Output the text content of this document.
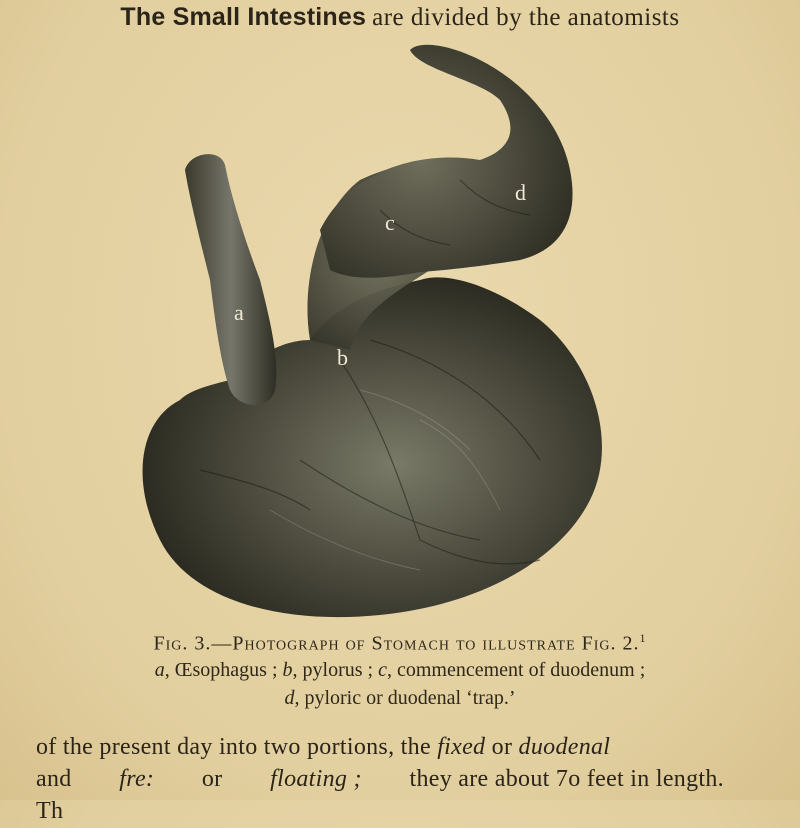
The Small Intestines are divided by the anatomists
a
b
c
d
Fig. 3.—Photograph of Stomach to illustrate Fig. 2.$^1$
a, Œsophagus ; b, pylorus ; c, commencement of duodenum ;
d, pyloric or duodenal ‘trap.’
of the present day into two portions, the fixed or duodenal
and fre: or floating ; they are about 7o feet in length.
Th
